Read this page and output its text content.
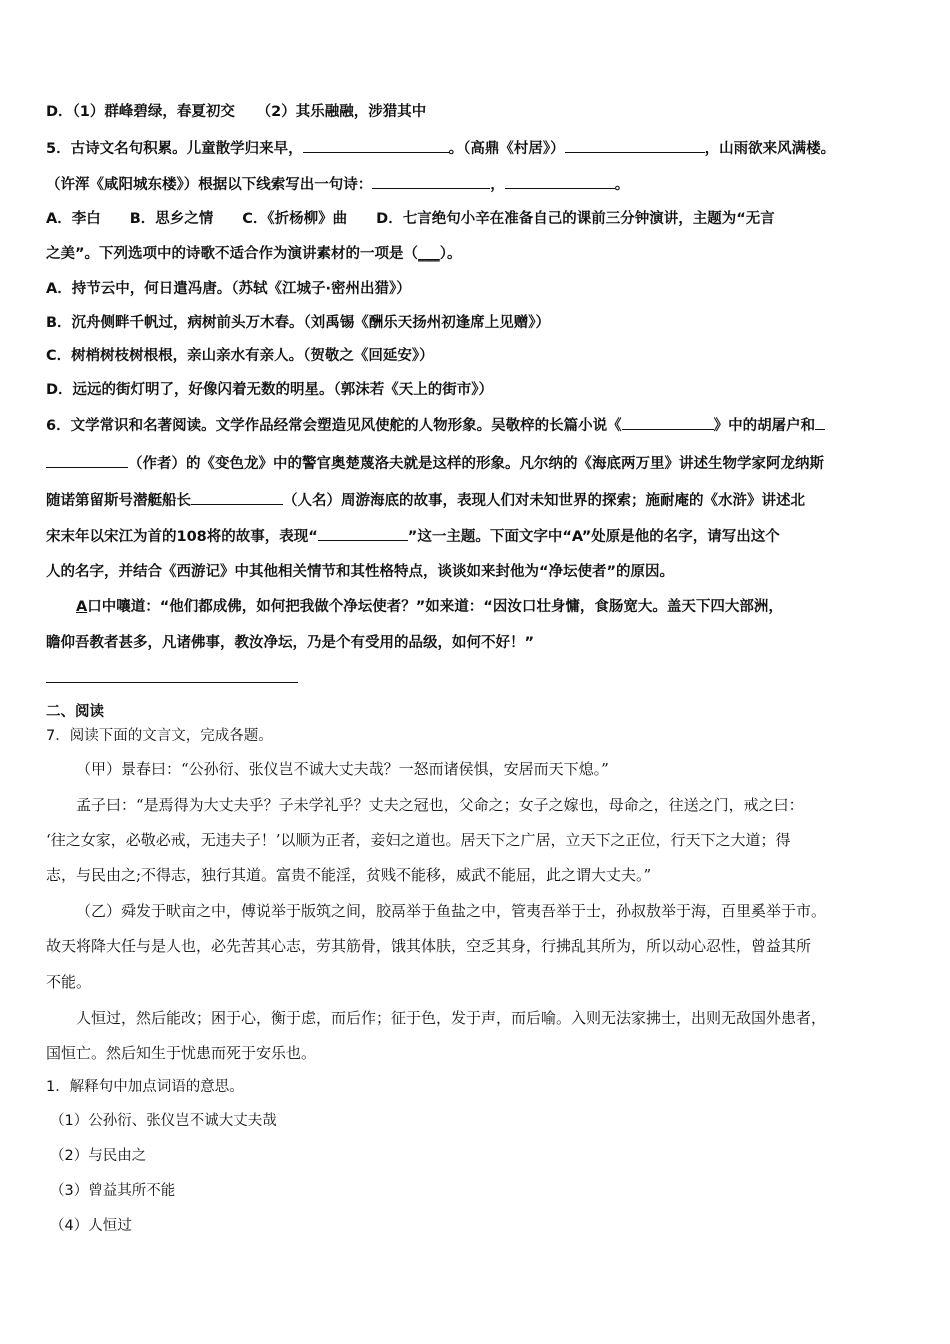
D．（1）群峰碧绿，春夏初交　　（2）其乐融融，涉猎其中
5．古诗文名句积累。儿童散学归来早，	。（高鼎《村居》）	，山雨欲来风满楼。
（许浑《咸阳城东楼》）根据以下线索写出一句诗：	，	。
A．李白　　B．思乡之情　　C．《折杨柳》曲　　D．七言绝句小辛在准备自己的课前三分钟演讲，主题为“无言
之美”。下列选项中的诗歌不适合作为演讲素材的一项是（___）。
A．持节云中，何日遣冯唐。（苏轼《江城子·密州出猎》）
B．沉舟侧畔千帆过，病树前头万木春。（刘禹锡《酬乐天扬州初逢席上见赠》）
C．树梢树枝树根根，亲山亲水有亲人。（贺敬之《回延安》）
D．远远的街灯明了，好像闪着无数的明星。（郭沫若《天上的街市》）
6．文学常识和名著阅读。文学作品经常会塑造见风使舵的人物形象。吴敬梓的长篇小说《	》中的胡屠户和
（作者）的《变色龙》中的警官奥楚蔑洛夫就是这样的形象。凡尔纳的《海底两万里》讲述生物学家阿龙纳斯
随诺第留斯号潜艇船长	（人名）周游海底的故事，表现人们对未知世界的探索；施耐庵的《水浒》讲述北
宋末年以宋江为首的108将的故事，表现“	”这一主题。下面文字中“A”处原是他的名字，请写出这个
人的名字，并结合《西游记》中其他相关情节和其性格特点，谈谈如来封他为“净坛使者”的原因。
A口中嚷道：“他们都成佛，如何把我做个净坛使者？”如来道：“因汝口壮身慵，食肠宽大。盖天下四大部洲，
瞻仰吾教者甚多，凡诸佛事，教汝净坛，乃是个有受用的品级，如何不好！”
二、阅读
7．阅读下面的文言文，完成各题。
（甲）景春曰：“公孙衍、张仪岂不诚大丈夫哉？一怒而诸侯惧，安居而天下熄。”
孟子曰：“是焉得为大丈夫乎？子未学礼乎？丈夫之冠也，父命之；女子之嫁也，母命之，往送之门，戒之曰：
‘往之女家，必敬必戒，无违夫子！’以顺为正者，妾妇之道也。居天下之广居，立天下之正位，行天下之大道；得
志，与民由之;不得志，独行其道。富贵不能淫，贫贱不能移，威武不能屈，此之谓大丈夫。”
（乙）舜发于畎亩之中，傅说举于版筑之间，胶鬲举于鱼盐之中，管夷吾举于士，孙叔敖举于海，百里奚举于市。
故天将降大任与是人也，必先苦其心志，劳其筋骨，饿其体肤，空乏其身，行拂乱其所为，所以动心忍性，曾益其所
不能。
人恒过，然后能改；困于心，衡于虑，而后作；征于色，发于声，而后喻。入则无法家拂士，出则无敌国外患者，
国恒亡。然后知生于忧患而死于安乐也。
1．解释句中加点词语的意思。
（1）公孙衍、张仪岂不诚大丈夫哉
（2）与民由之
（3）曾益其所不能
（4）人恒过
